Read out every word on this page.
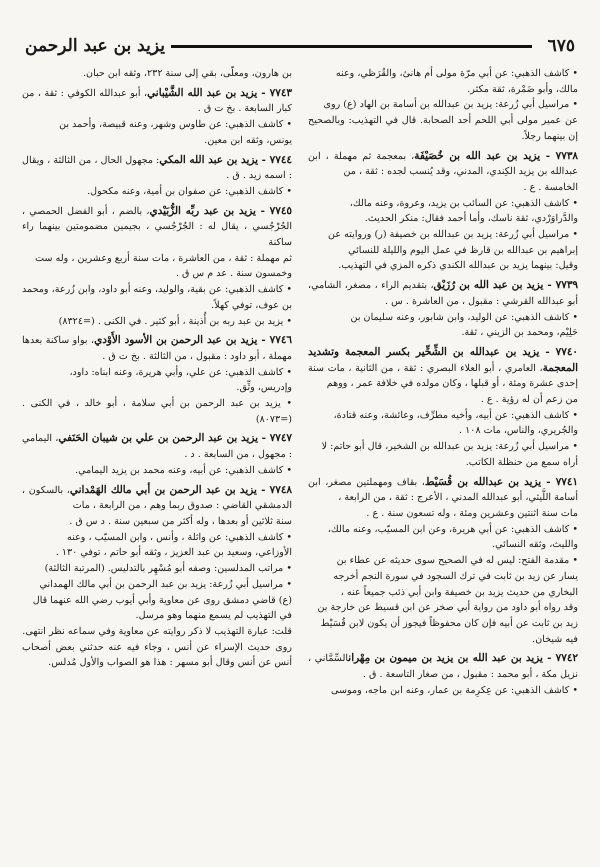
٦٧٥
يزيد بن عبد الرحمن
• كاشف الذهبي: عن أبي مرّة مولى أم هانئ، والقُرَظي، وعنه
مالك، وأبو ضَمْرة، ثقة مكثر.
• مراسيل أبي زُرعة: يزيد بن عبدالله بن أسامة بن الهاد (ع) روى
عن عمير مولى أبي اللحم أحد الصحابة. قال في التهذيب: وبالصحيح إن بينهما رجلاً.
٧٧٣٨ - يزيد بن عبد الله بن خُصَيْفَة، بمعجمة ثم مهملة ، ابن عبدالله بن يزيد الكِندي، المدني، وقد يُنسب لجده : ثقة ، من
الخامسة . ع .
• كاشف الذهبي: عن السائب بن يزيد، وعروة، وعنه مالك،
والدَّراوَرْدي، ثقة ناسك، وأما أحمد فقال: منكر الحديث.
• مراسيل أبي زُرعة: يزيد بن عبدالله بن خصيفة (ر) وروايته عن
إبراهيم بن عبدالله بن قارظ في عمل اليوم والليلة للنسائي
وقيل: بينهما يزيد بن عبدالله الكندي ذكره المزي في التهذيب.
٧٧٣٩ - يزيد بن عبد الله بن رُزَيْق، بتقديم الراء ، مصغر، الشامي، أبو عبدالله القرشي : مقبول ، من العاشرة . س .
• كاشف الذهبي: عن الوليد، وابن شابور، وعنه سليمان بن
حَلِيْم، ومحمد بن الزيني ، ثقة.
٧٧٤٠ - يزيد بن عبدالله بن الشِّخِّير بكسر المعجمة وتشديد المعجمة، العامري ، أبو العلاء البصري : ثقة ، من الثانية ، مات سنة إحدى عشرة ومئة ، أو قبلها ، وكان مولده في خلافة عمر ، ووهم
من زعم أن له رؤية . ع .
• كاشف الذهبي: عن أبيه، وأخيه مطرِّف، وعائشة، وعنه قتادة،
والجُريري، والناس، مات ١٠٨ .
• مراسيل أبي زُرعة: يزيد بن عبدالله بن الشخير، قال أبو حاتم: لا
أراه سمع من حنظلة الكاتب.
٧٧٤١ - يزيد بن عبدالله بن قُسَيْط، بقاف ومهملتين مصغر، ابن أسامة اللَّيثي، أبو عبدالله المدني ، الأعرج : ثقة ، من الرابعة ،
مات سنة اثنتين وعشرين ومئة ، وله تسعون سنة . ع .
• كاشف الذهبي: عن أبي هريرة، وعن ابن المسيّب، وعنه مالك،
والليث، وثقه النسائي.
• مقدمة الفتح: ليس له في الصحيح سوى حديثه عن عطاء بن
يسار عن زيد بن ثابت في ترك السجود في سورة النجم أخرجه
البخاري من حديث يزيد بن خصيفة وابن أبي ذئب جميعاً عنه ،
وقد رواه أبو داود من رواية أبي صخر عن ابن قسيط عن خارجة بن
زيد بن ثابت عن أبيه فإن كان محفوظاً فيجوز أن يكون لابن قُسَيْط
فيه شيخان.
٧٧٤٢ - يزيد بن عبد الله بن يزيد بن ميمون بن مِهْرانالسِّمَّاني ، نزيل مكة ، أبو محمد : مقبول ، من صغار التاسعة . ق .
• كاشف الذهبي: عن عِكرِمة بن عمار، وعنه ابن ماجه، وموسى
بن هارون، ومعلّى، بقي إلى سنة ٢٣٢، وثقه ابن حبان.
٧٧٤٣ - يزيد بن عبد الله الشَّيْباني، أبو عبدالله الكوفي : ثقة ، من كبار السابعة . بخ ت ق .
• كاشف الذهبي: عن طاوس وشهر، وعنه قبيصة، وأحمد بن
يونس، وثقه ابن معين.
٧٧٤٤ - يزيد بن عبد الله المكي: مجهول الحال ، من الثالثة ، ويقال : اسمه زيد . ق .
• كاشف الذهبي: عن صفوان بن أمية، وعنه مكحول.
٧٧٤٥ - يزيد بن عبد ربِّه الزُّبَيْدي، بالضم ، أبو الفضل الحمصي ، الجُرْجُسي ، يقال له : الجُرْجُسي ، بجيمين مضمومتين بينهما راء ساكنة
ثم مهملة : ثقة ، من العاشرة ، مات سنة أربع وعشرين ، وله ست
وخمسون سنة . عد م س ق .
• كاشف الذهبي: عن بقية، والوليد، وعنه أبو داود، وابن زُرعة، ومحمد بن عوف، توفي كهلاً.
• يزيد بن عبد ربه بن أُذينة ، أبو كثير . في الكنى . (=٨٣٢٤)
٧٧٤٦ - يزيد بن عبد الرحمن بن الأسود الأَوْدي، بواو ساكنة بعدها مهملة ، أبو داود : مقبول ، من الثالثة . بخ ت ق .
• كاشف الذهبي: عن علي، وأبي هريرة، وعنه ابناه: داود،
وإدريس، وثِّق.
• يزيد بن عبد الرحمن بن أبي سلامة ، أبو خالد ، في الكنى . (=٨٠٧٣)
٧٧٤٧ - يزيد بن عبد الرحمن بن علي بن شيبان الحَنَفي، اليمامي : مجهول ، من السابعة . د .
• كاشف الذهبي: عن أبيه، وعنه محمد بن يزيد اليمامي.
٧٧٤٨ - يزيد بن عبد الرحمن بن أبي مالك الهَمْداني، بالسكون ، الدمشقي القاضي : صدوق ربما وهم ، من الرابعة ، مات
سنة ثلاثين أو بعدها ، وله أكثر من سبعين سنة . د س ق .
• كاشف الذهبي: عن واثلة ، وأنس ، وابن المسيّب ، وعنه
الأوزاعي، وسعيد بن عبد العزيز ، وثقه أبو حاتم ، توفي ١٣٠ .
• مراتب المدلسين: وصفه أبو مُسْهِر بالتدليس. (المرتبة الثالثة)
• مراسيل أبي زُرعة: يزيد بن عبد الرحمن بن أبي مالك الهمداني
(ع) قاضي دمشق روى عن معاوية وأبي أيوب رضي الله عنهما قال
في التهذيب لم يسمع منهما وهو مرسل.
قلت: عبارة التهذيب لا ذكر روايته عن معاوية وفي سماعه نظر انتهى.
روى حديث الإسراء عن أنس ، وجاء فيه عنه حدثني بعض أصحاب أنس عن أنس وقال أبو مسهر : هذا هو الصواب والأول مُدلس.
